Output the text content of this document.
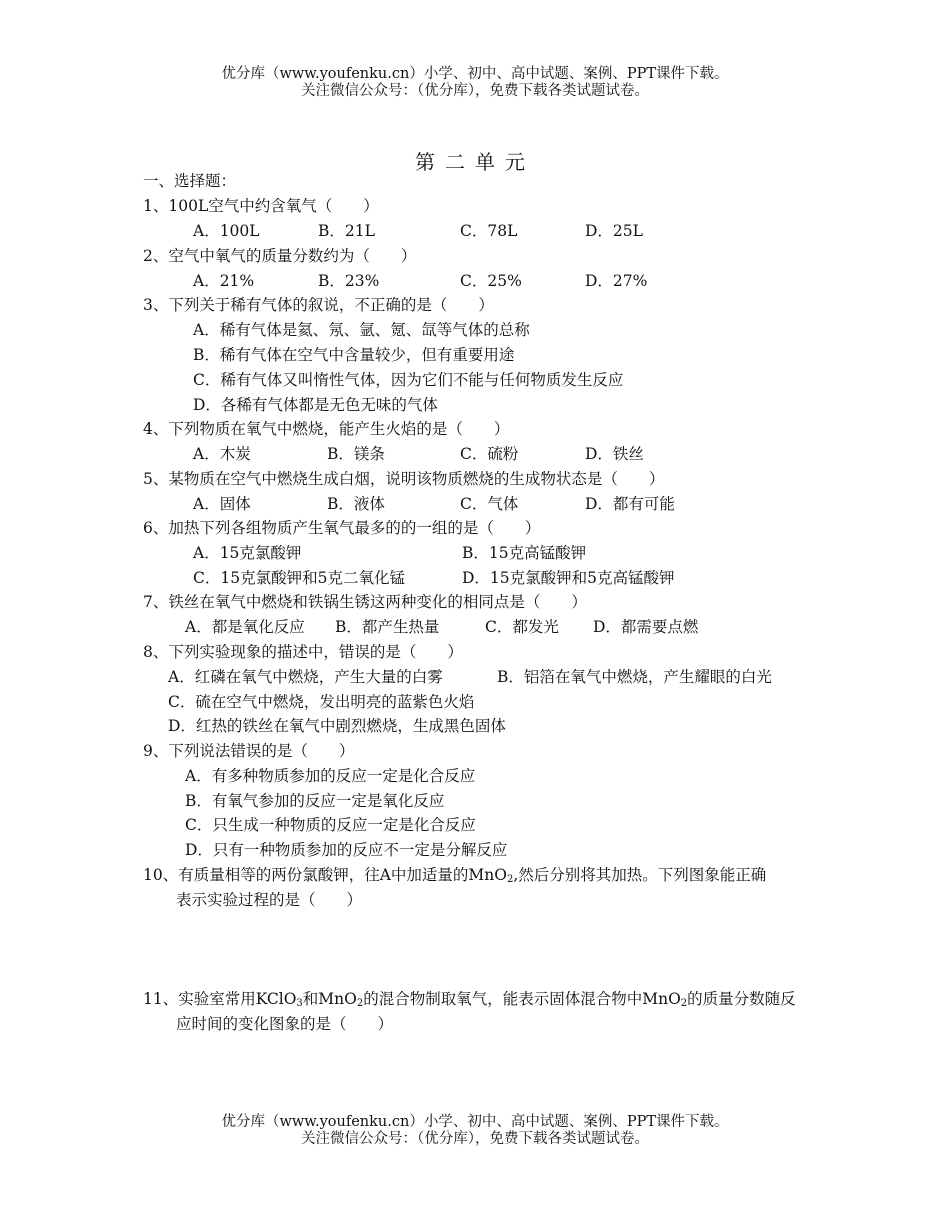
优分库（www.youfenku.cn）小学、初中、高中试题、案例、PPT课件下载。
关注微信公众号：（优分库），免费下载各类试题试卷。
第二单元
一、选择题：
1、100L空气中约含氧气（　　）
A．100L	B．21L	C．78L	D．25L
2、空气中氧气的质量分数约为（　　）
A．21%	B．23%	C．25%	D．27%
3、下列关于稀有气体的叙说，不正确的是（　　）
A．稀有气体是氦、氖、氩、氪、氙等气体的总称
B．稀有气体在空气中含量较少，但有重要用途
C．稀有气体又叫惰性气体，因为它们不能与任何物质发生反应
D．各稀有气体都是无色无味的气体
4、下列物质在氧气中燃烧，能产生火焰的是（　　）
A．木炭	B．镁条	C．硫粉	D．铁丝
5、某物质在空气中燃烧生成白烟，说明该物质燃烧的生成物状态是（　　）
A．固体	B．液体	C．气体	D．都有可能
6、加热下列各组物质产生氧气最多的的一组的是（　　）
A．15克氯酸钾	B．15克高锰酸钾
C．15克氯酸钾和5克二氧化锰	D．15克氯酸钾和5克高锰酸钾
7、铁丝在氧气中燃烧和铁锅生锈这两种变化的相同点是（　　）
A．都是氧化反应 B．都产生热量	C．都发光 D．都需要点燃
8、下列实验现象的描述中，错误的是（　　）
A．红磷在氧气中燃烧，产生大量的白雾	B．铝箔在氧气中燃烧，产生耀眼的白光
C．硫在空气中燃烧，发出明亮的蓝紫色火焰
D．红热的铁丝在氧气中剧烈燃烧，生成黑色固体
9、下列说法错误的是（　　）
A．有多种物质参加的反应一定是化合反应
B．有氧气参加的反应一定是氧化反应
C．只生成一种物质的反应一定是化合反应
D．只有一种物质参加的反应不一定是分解反应
10、有质量相等的两份氯酸钾，往A中加适量的MnO$_2$,然后分别将其加热。下列图象能正确
表示实验过程的是（　　）
11、实验室常用KClO$_3$和MnO$_2$的混合物制取氧气，能表示固体混合物中MnO$_2$的质量分数随反
应时间的变化图象的是（　　）
优分库（www.youfenku.cn）小学、初中、高中试题、案例、PPT课件下载。
关注微信公众号：（优分库），免费下载各类试题试卷。
